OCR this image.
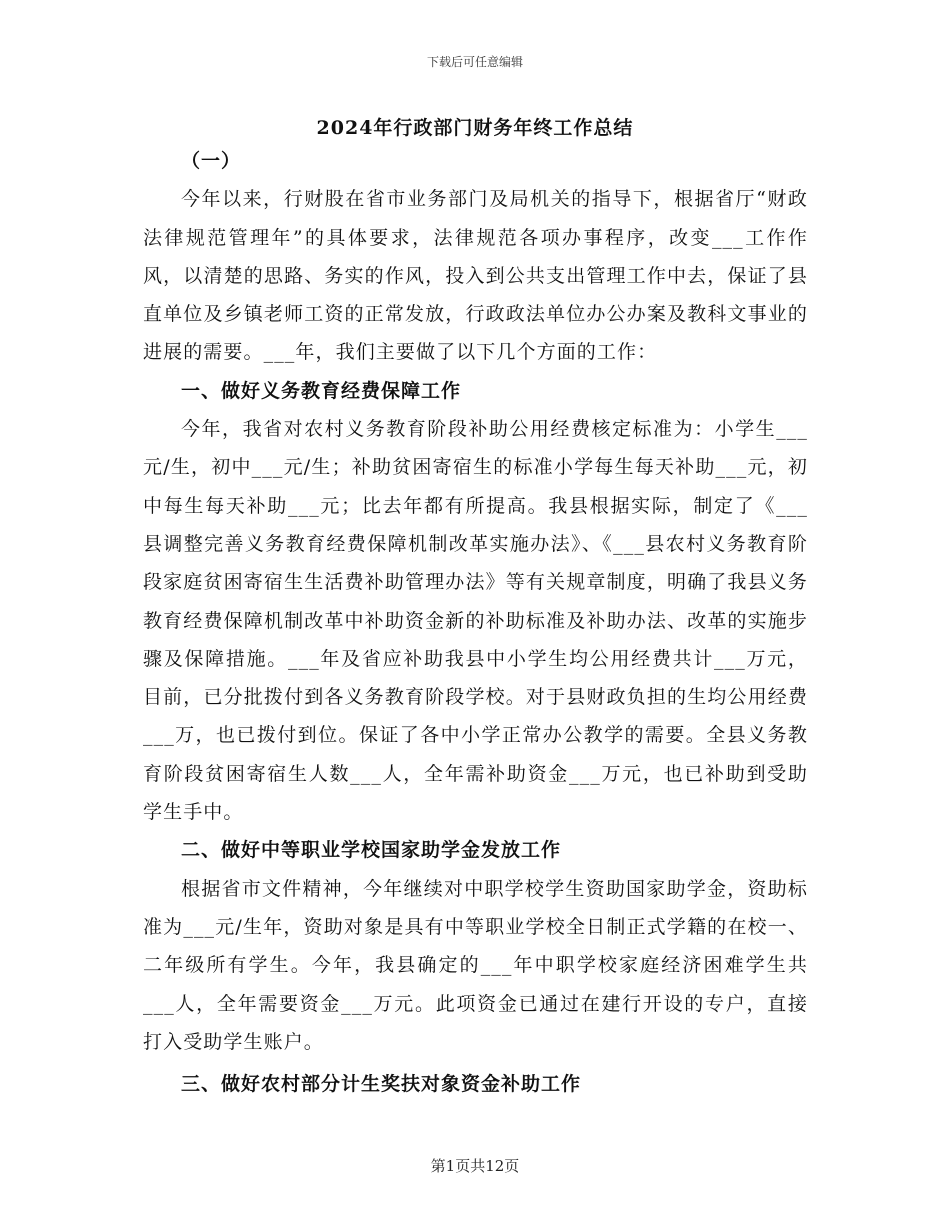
下载后可任意编辑
2024年行政部门财务年终工作总结
（一）

今年以来，行财股在省市业务部门及局机关的指导下，根据省厅“财政法律规范管理年”的具体要求，法律规范各项办事程序，改变___工作作风，以清楚的思路、务实的作风，投入到公共支出管理工作中去，保证了县直单位及乡镇老师工资的正常发放，行政政法单位办公办案及教科文事业的进展的需要。___年，我们主要做了以下几个方面的工作：

一、做好义务教育经费保障工作

今年，我省对农村义务教育阶段补助公用经费核定标准为：小学生___元/生，初中___元/生；补助贫困寄宿生的标准小学每生每天补助___元，初中每生每天补助___元；比去年都有所提高。我县根据实际，制定了《___县调整完善义务教育经费保障机制改革实施办法》、《___县农村义务教育阶段家庭贫困寄宿生生活费补助管理办法》等有关规章制度，明确了我县义务教育经费保障机制改革中补助资金新的补助标准及补助办法、改革的实施步骤及保障措施。___年及省应补助我县中小学生均公用经费共计___万元，目前，已分批拨付到各义务教育阶段学校。对于县财政负担的生均公用经费___万，也已拨付到位。保证了各中小学正常办公教学的需要。全县义务教育阶段贫困寄宿生人数___人，全年需补助资金___万元，也已补助到受助学生手中。

二、做好中等职业学校国家助学金发放工作

根据省市文件精神，今年继续对中职学校学生资助国家助学金，资助标准为___元/生年，资助对象是具有中等职业学校全日制正式学籍的在校一、二年级所有学生。今年，我县确定的___年中职学校家庭经济困难学生共___人，全年需要资金___万元。此项资金已通过在建行开设的专户，直接打入受助学生账户。

三、做好农村部分计生奖扶对象资金补助工作
第1页共12页
